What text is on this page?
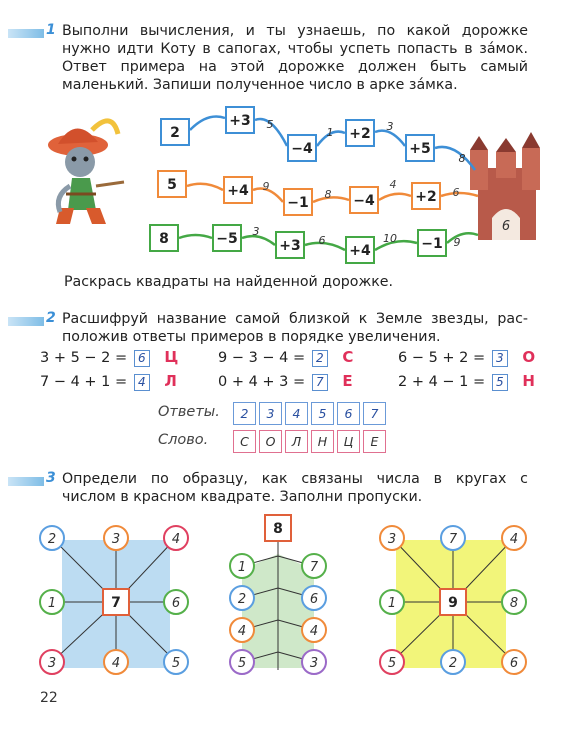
1 Выполни вычисления, и ты узнаешь, по какой дорожке

нужно идти Коту в сапогах, чтобы успеть попасть в за́мок.

Ответ примера на этой дорожке должен быть самый

маленький. Запиши полученное число в арке за́мка.

6
2
+3
−4
+2
+5
5
1	3
8
5	+4
−1	−4	+2
9
8
4
6
8	−5	+3	+4	−1
3
6	10	9
Раскрась квадраты на найденной дорожке.
2 Расшифруй название самой близкой к Земле звезды, рас-

положив ответы примеров в порядке увеличения.

3 + 5 − 2 = 6 Ц	9 − 3 − 4 = 2 С	6 − 5 + 2 = 3 О
7 − 4 + 1 = 4 Л	0 + 4 + 3 = 7 Е	2 + 4 − 1 = 5 Н
Ответы.	2	3	4	5	6	7
Слово.	С	О	Л	Н	Ц	Е
3 Определи по образцу, как связаны числа в кругах с

числом в красном квадрате. Заполни пропуски.

2	3	4
1	6
3	4	5
7
1	7
2	6
4	4
5	3
8
3	7	4
1	8
5	2	6
9
22
